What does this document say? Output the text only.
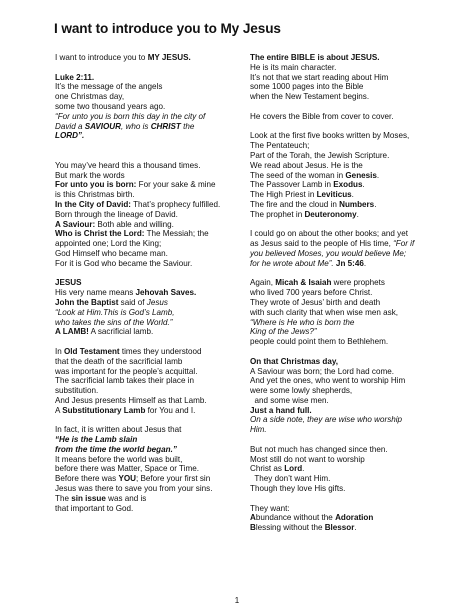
I want to introduce you to My Jesus

I want to introduce you to MY JESUS.

Luke 2:11.
It’s the message of the angels
one Christmas day,
some two thousand years ago.
“For unto you is born this day in the city of
David a SAVIOUR, who is CHRIST the
LORD”.

You may’ve heard this a thousand times.
But mark the words
For unto you is born: For your sake & mine
is this Christmas birth.
In the City of David: That’s prophecy fulfilled.
Born through the lineage of David.
A Saviour: Both able and willing.
Who is Christ the Lord: The Messiah; the
appointed one; Lord the King;
God Himself who became man.
For it is God who became the Saviour.

JESUS
His very name means Jehovah Saves.
John the Baptist said of Jesus
“Look at Him.This is God’s Lamb,
who takes the sins of the World.”
A LAMB! A sacrificial lamb.

In Old Testament times they understood
that the death of the sacrificial lamb
was important for the people’s acquittal.
The sacrificial lamb takes their place in
substitution.
And Jesus presents Himself as that Lamb.
A Substitutionary Lamb for You and I.

In fact, it is written about Jesus that
“He is the Lamb slain
from the time the world began.”
It means before the world was built,
before there was Matter, Space or Time.
Before there was YOU; Before your first sin
Jesus was there to save you from your sins.
The sin issue was and is
that important to God.

The entire BIBLE is about JESUS.
He is its main character.
It’s not that we start reading about Him
some 1000 pages into the Bible
when the New Testament begins.

He covers the Bible from cover to cover.

Look at the first five books written by Moses,
The Pentateuch;
Part of the Torah, the Jewish Scripture.
We read about Jesus. He is the
The seed of the woman in Genesis.
The Passover Lamb in Exodus.
The High Priest in Leviticus.
The fire and the cloud in Numbers.
The prophet in Deuteronomy.

I could go on about the other books; and yet
as Jesus said to the people of His time, “For if
you believed Moses, you would believe Me;
for he wrote about Me”. Jn 5:46.

Again, Micah & Isaiah were prophets
who lived 700 years before Christ.
They wrote of Jesus’ birth and death
with such clarity that when wise men ask,
“Where is He who is born the
King of the Jews?”
people could point them to Bethlehem.

On that Christmas day,
A Saviour was born; the Lord had come.
And yet the ones, who went to worship Him
were some lowly shepherds,
and some wise men.
Just a hand full.
On a side note, they are wise who worship
Him.

But not much has changed since then.
Most still do not want to worship
Christ as Lord.
They don’t want Him.
Though they love His gifts.

They want:
Abundance without the Adoration
Blessing without the Blessor.

1
